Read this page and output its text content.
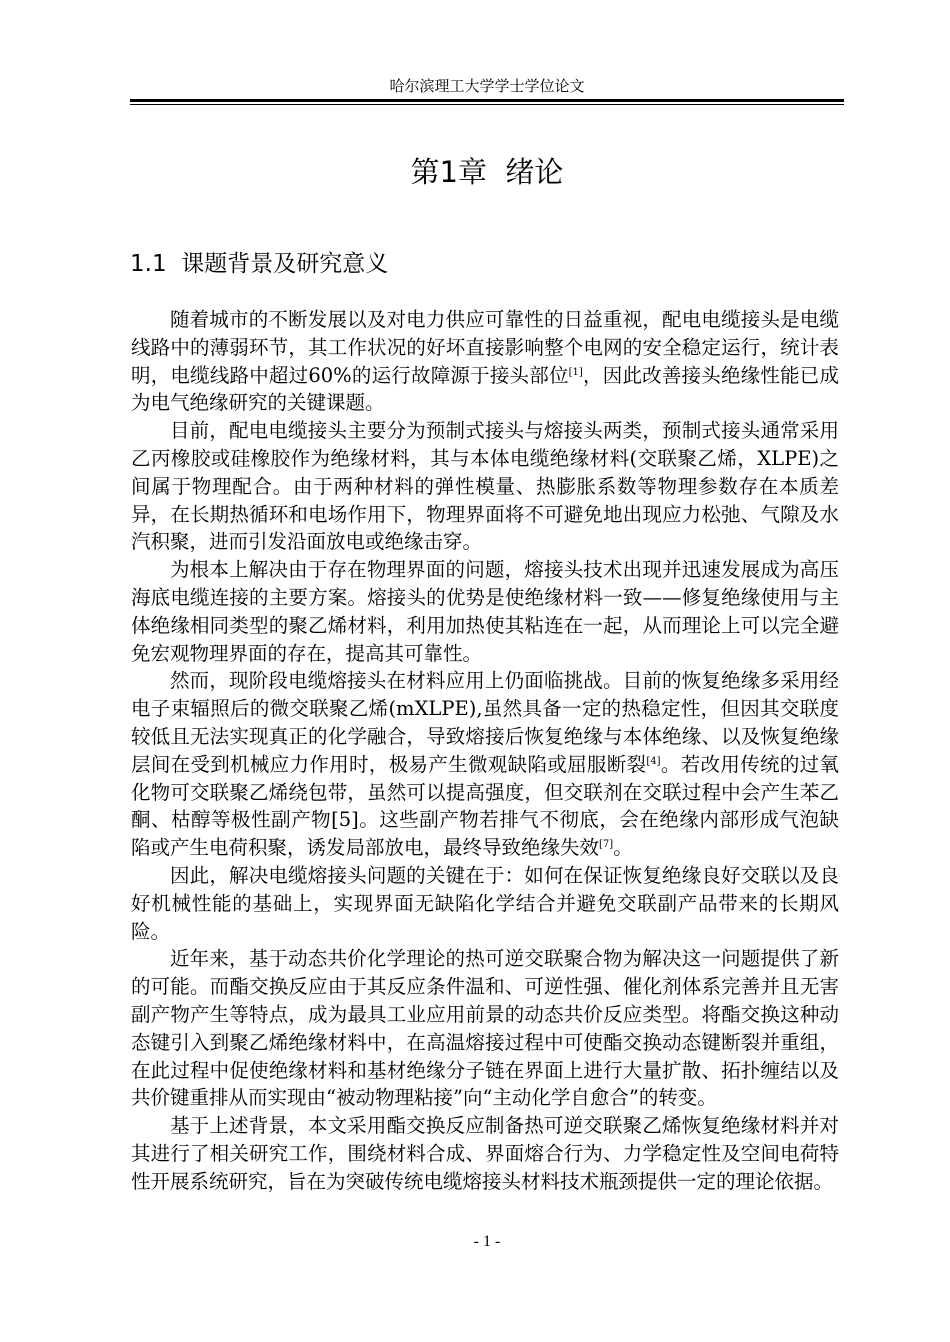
哈尔滨理工大学学士学位论文
第1章  绪论
1.1  课题背景及研究意义

随着城市的不断发展以及对电力供应可靠性的日益重视，配电电缆接头是电缆线路中的薄弱环节，其工作状况的好坏直接影响整个电网的安全稳定运行，统计表明，电缆线路中超过60%的运行故障源于接头部位[1]，因此改善接头绝缘性能已成为电气绝缘研究的关键课题。

目前，配电电缆接头主要分为预制式接头与熔接头两类，预制式接头通常采用乙丙橡胶或硅橡胶作为绝缘材料，其与本体电缆绝缘材料(交联聚乙烯，XLPE)之间属于物理配合。由于两种材料的弹性模量、热膨胀系数等物理参数存在本质差异，在长期热循环和电场作用下，物理界面将不可避免地出现应力松弛、气隙及水汽积聚，进而引发沿面放电或绝缘击穿。

为根本上解决由于存在物理界面的问题，熔接头技术出现并迅速发展成为高压海底电缆连接的主要方案。熔接头的优势是使绝缘材料一致——修复绝缘使用与主体绝缘相同类型的聚乙烯材料，利用加热使其粘连在一起，从而理论上可以完全避免宏观物理界面的存在，提高其可靠性。

然而，现阶段电缆熔接头在材料应用上仍面临挑战。目前的恢复绝缘多采用经电子束辐照后的微交联聚乙烯(mXLPE),虽然具备一定的热稳定性，但因其交联度较低且无法实现真正的化学融合，导致熔接后恢复绝缘与本体绝缘、以及恢复绝缘层间在受到机械应力作用时，极易产生微观缺陷或屈服断裂[4]。若改用传统的过氧化物可交联聚乙烯绕包带，虽然可以提高强度，但交联剂在交联过程中会产生苯乙酮、枯醇等极性副产物[5]。这些副产物若排气不彻底，会在绝缘内部形成气泡缺陷或产生电荷积聚，诱发局部放电，最终导致绝缘失效[7]。

因此，解决电缆熔接头问题的关键在于：如何在保证恢复绝缘良好交联以及良好机械性能的基础上，实现界面无缺陷化学结合并避免交联副产品带来的长期风险。

近年来，基于动态共价化学理论的热可逆交联聚合物为解决这一问题提供了新的可能。而酯交换反应由于其反应条件温和、可逆性强、催化剂体系完善并且无害副产物产生等特点，成为最具工业应用前景的动态共价反应类型。将酯交换这种动态键引入到聚乙烯绝缘材料中，在高温熔接过程中可使酯交换动态键断裂并重组，在此过程中促使绝缘材料和基材绝缘分子链在界面上进行大量扩散、拓扑缠结以及共价键重排从而实现由“被动物理粘接”向“主动化学自愈合”的转变。

基于上述背景，本文采用酯交换反应制备热可逆交联聚乙烯恢复绝缘材料并对其进行了相关研究工作，围绕材料合成、界面熔合行为、力学稳定性及空间电荷特性开展系统研究，旨在为突破传统电缆熔接头材料技术瓶颈提供一定的理论依据。

- 1 -
